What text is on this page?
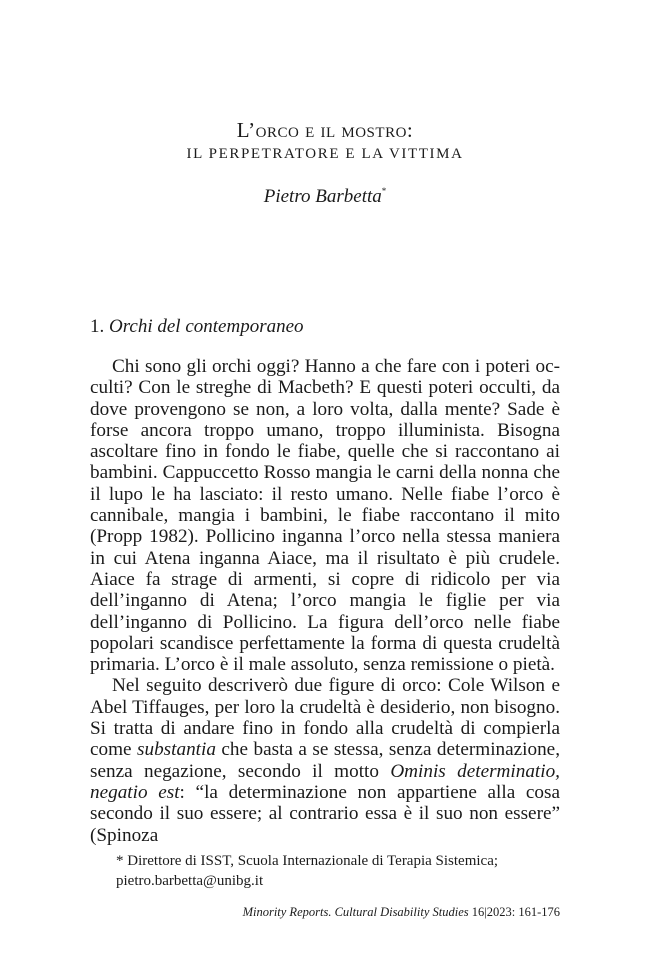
L’orco e il mostro:
IL PERPETRATORE E LA VITTIMA
Pietro Barbetta*
1. Orchi del contemporaneo

Chi sono gli orchi oggi? Hanno a che fare con i poteri occulti? Con le streghe di Macbeth? E questi poteri occulti, da dove provengono se non, a loro volta, dalla mente? Sade è forse ancora troppo umano, troppo illuminista. Bisogna ascoltare fino in fondo le fiabe, quelle che si raccontano ai bambini. Cappuccetto Rosso mangia le carni della nonna che il lupo le ha lasciato: il resto umano. Nelle fiabe l’orco è cannibale, mangia i bambini, le fiabe raccontano il mito (Propp 1982). Pollicino inganna l’orco nella stessa maniera in cui Atena inganna Aiace, ma il risultato è più crudele. Aiace fa strage di armenti, si copre di ridicolo per via dell’inganno di Atena; l’orco mangia le figlie per via dell’inganno di Pollicino. La figura dell’orco nelle fiabe popolari scandisce perfettamente la forma di questa crudeltà primaria. L’orco è il male assoluto, senza remissione o pietà.

Nel seguito descriverò due figure di orco: Cole Wilson e Abel Tiffauges, per loro la crudeltà è desiderio, non bisogno. Si tratta di andare fino in fondo alla crudeltà di compierla come substantia che basta a se stessa, senza determinazione, senza negazione, secondo il motto Ominis determinatio, negatio est: “la determinazione non appartiene alla cosa secondo il suo essere; al contrario essa è il suo non essere” (Spinoza

* Direttore di ISST, Scuola Internazionale di Terapia Sistemica;
pietro.barbetta@unibg.it
Minority Reports. Cultural Disability Studies 16|2023: 161-176
